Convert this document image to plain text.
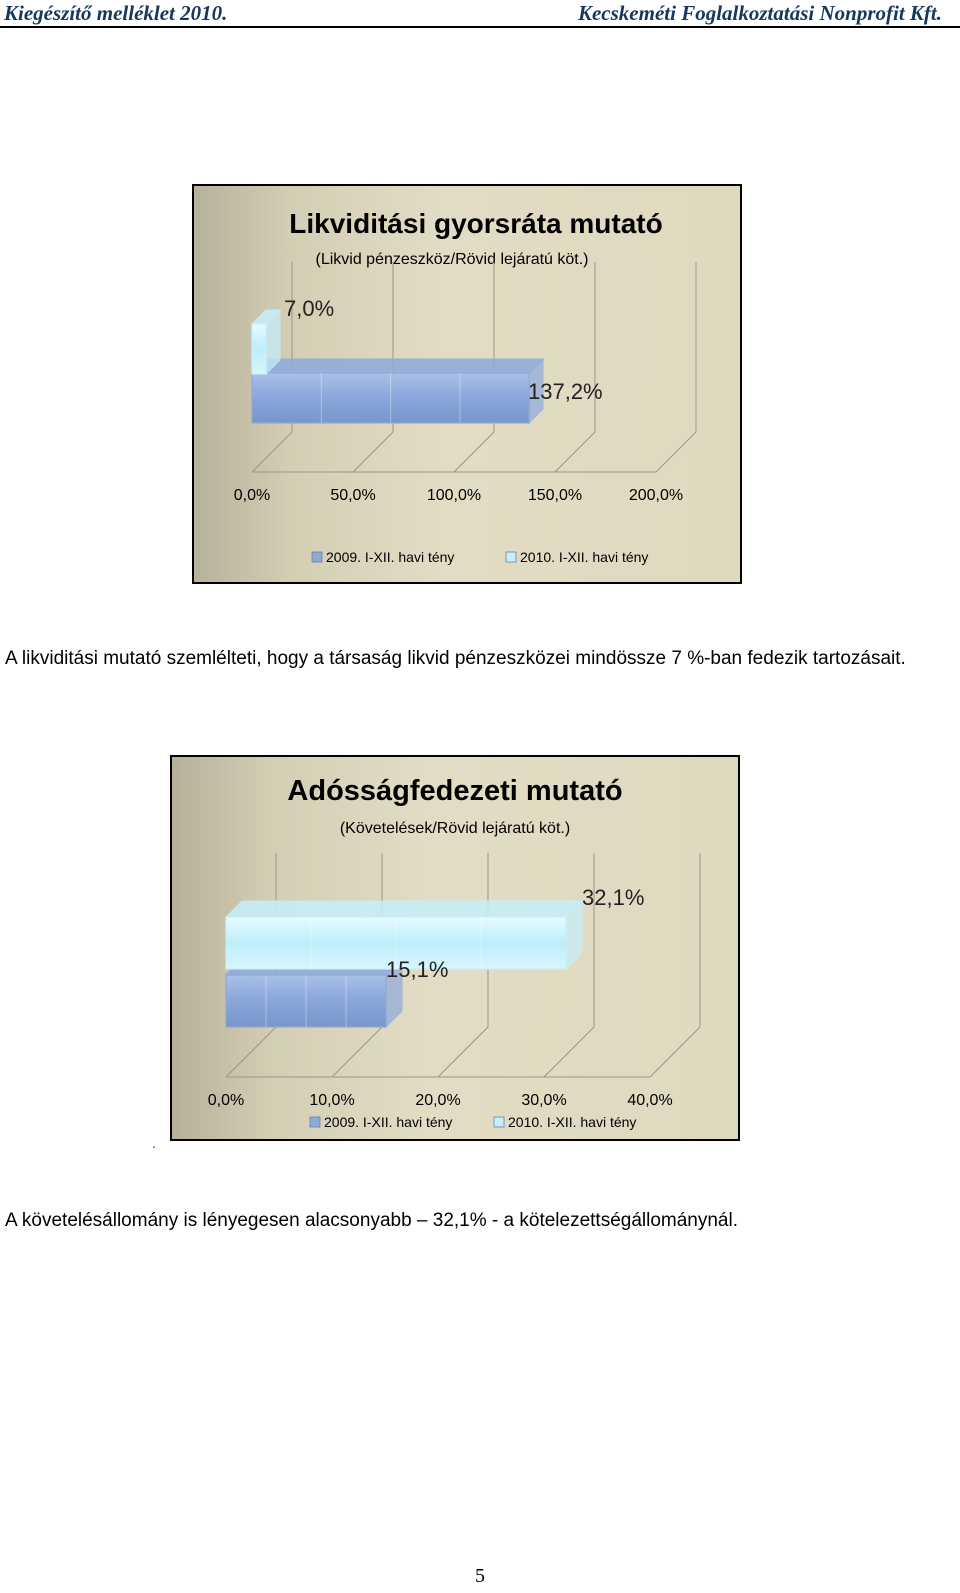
Kiegészítő melléklet 2010.	Kecskeméti Foglalkoztatási Nonprofit Kft.
Likviditási gyorsráta mutató
(Likvid pénzeszköz/Rövid lejáratú köt.)
137,2%
7,0%
0,0%	50,0%	100,0%	150,0%	200,0%
2009. I-XII. havi tény	2010. I-XII. havi tény
A likviditási mutató szemlélteti, hogy a társaság likvid pénzeszközei mindössze 7 %-ban fedezik tartozásait.
Adósságfedezeti mutató
(Követelések/Rövid lejáratú köt.)
15,1%
32,1%
0,0%	10,0%	20,0%	30,0%	40,0%
2009. I-XII. havi tény	2010. I-XII. havi tény
.
A követelésállomány is lényegesen alacsonyabb – 32,1% - a kötelezettségállománynál.
5
